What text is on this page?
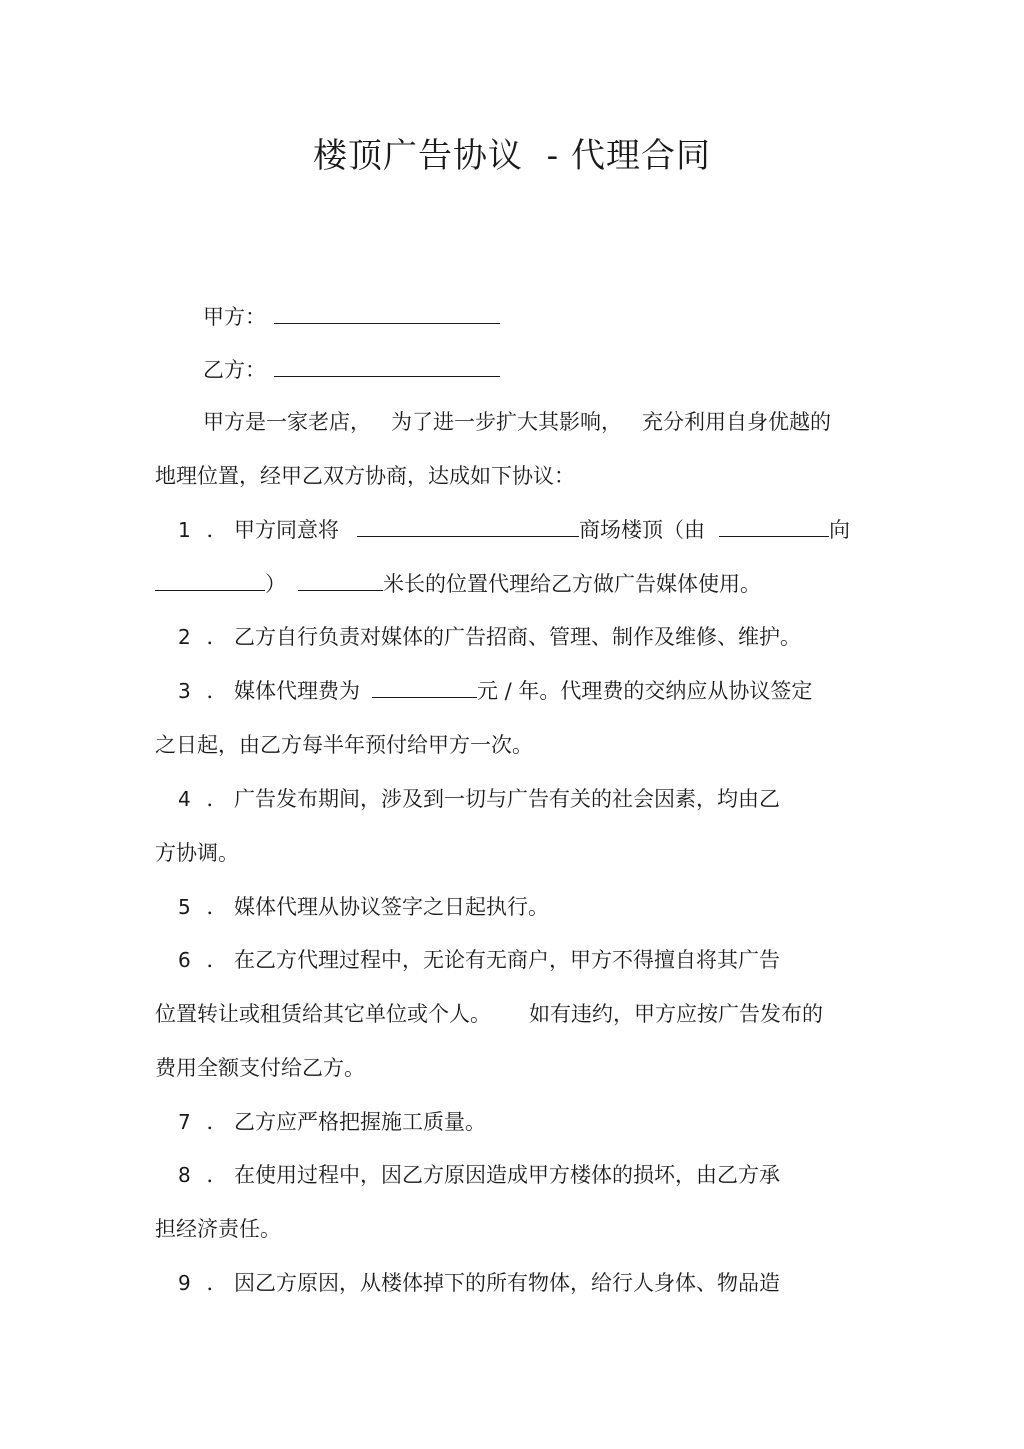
楼顶广告协议  - 代理合同
甲方：
乙方：
甲方是一家老店， 为了进一步扩大其影响， 充分利用自身优越的
地理位置，经甲乙双方协商，达成如下协议：
1 ． 甲方同意将	商场楼顶（由	向
）	米长的位置代理给乙方做广告媒体使用。
2 ． 乙方自行负责对媒体的广告招商、管理、制作及维修、维护。
3 ． 媒体代理费为	元 / 年。代理费的交纳应从协议签定
之日起，由乙方每半年预付给甲方一次。
4 ． 广告发布期间，涉及到一切与广告有关的社会因素，均由乙
方协调。
5 ． 媒体代理从协议签字之日起执行。
6 ． 在乙方代理过程中，无论有无商户，甲方不得擅自将其广告
位置转让或租赁给其它单位或个人。 如有违约，甲方应按广告发布的
费用全额支付给乙方。
7 ． 乙方应严格把握施工质量。
8 ． 在使用过程中，因乙方原因造成甲方楼体的损坏，由乙方承
担经济责任。
9 ． 因乙方原因，从楼体掉下的所有物体，给行人身体、物品造
